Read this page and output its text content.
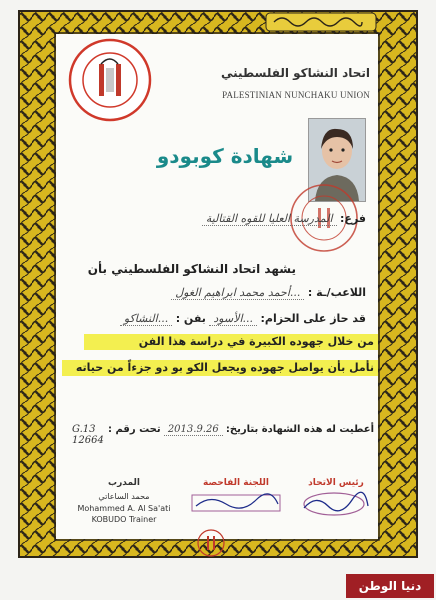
اتحاد النشاكو الفلسطيني
PALESTINIAN NUNCHAKU UNION
شهادة كوبودو
فرع: المدرسة العليا للقوه القتالية
يشهد اتحاد النشاكو الفلسطيني بأن
اللاعب/ـة : ...أحمد محمد ابراهيم الغول
قد حاز على الحزام: ...الأسود بفن : ...النشاكو
من خلال جهوده الكبيرة في دراسة هذا الفن
نأمل بأن يواصل جهوده ويجعل الكو بو دو جزءاً من حياته
أعطيت له هذه الشهادة بتاريخ: 2013.9.26 تحت رقم :
G.13 12664
رئيس الاتحاد
اللجنة الفاحصة
المدرب
محمد الساعاتي
Mohammed A. Al Sa'ati
KOBUDO Trainer
دنيا الوطن
